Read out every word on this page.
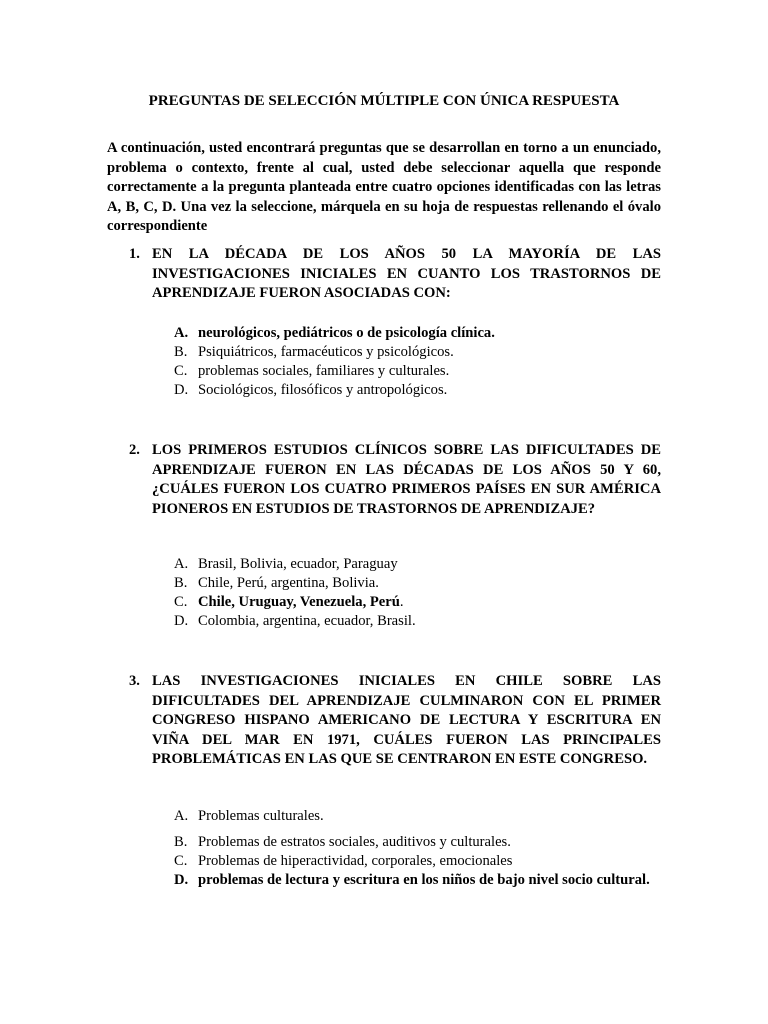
PREGUNTAS DE SELECCIÓN MÚLTIPLE CON ÚNICA RESPUESTA
A continuación, usted encontrará preguntas que se desarrollan en torno a un enunciado, problema o contexto, frente al cual, usted debe seleccionar aquella que responde correctamente a la pregunta planteada entre cuatro opciones identificadas con las letras A, B, C, D. Una vez la seleccione, márquela en su hoja de respuestas rellenando el óvalo correspondiente
1. EN LA DÉCADA DE LOS AÑOS 50 LA MAYORÍA DE LAS INVESTIGACIONES INICIALES EN CUANTO LOS TRASTORNOS DE APRENDIZAJE FUERON ASOCIADAS CON:
A. neurológicos, pediátricos o de psicología clínica.
B. Psiquiátricos, farmacéuticos y psicológicos.
C. problemas sociales, familiares y culturales.
D. Sociológicos, filosóficos y antropológicos.
2. LOS PRIMEROS ESTUDIOS CLÍNICOS SOBRE LAS DIFICULTADES DE APRENDIZAJE FUERON EN LAS DÉCADAS DE LOS AÑOS 50 Y 60, ¿CUÁLES FUERON LOS CUATRO PRIMEROS PAÍSES EN SUR AMÉRICA PIONEROS EN ESTUDIOS DE TRASTORNOS DE APRENDIZAJE?
A. Brasil, Bolivia, ecuador, Paraguay
B. Chile, Perú, argentina, Bolivia.
C. Chile, Uruguay, Venezuela, Perú.
D. Colombia, argentina, ecuador, Brasil.
3. LAS INVESTIGACIONES INICIALES EN CHILE SOBRE LAS DIFICULTADES DEL APRENDIZAJE CULMINARON CON EL PRIMER CONGRESO HISPANO AMERICANO DE LECTURA Y ESCRITURA EN VIÑA DEL MAR EN 1971, CUÁLES FUERON LAS PRINCIPALES PROBLEMÁTICAS EN LAS QUE SE CENTRARON EN ESTE CONGRESO.
A. Problemas culturales.
B. Problemas de estratos sociales, auditivos y culturales.
C. Problemas de hiperactividad, corporales, emocionales
D. problemas de lectura y escritura en los niños de bajo nivel socio cultural.
